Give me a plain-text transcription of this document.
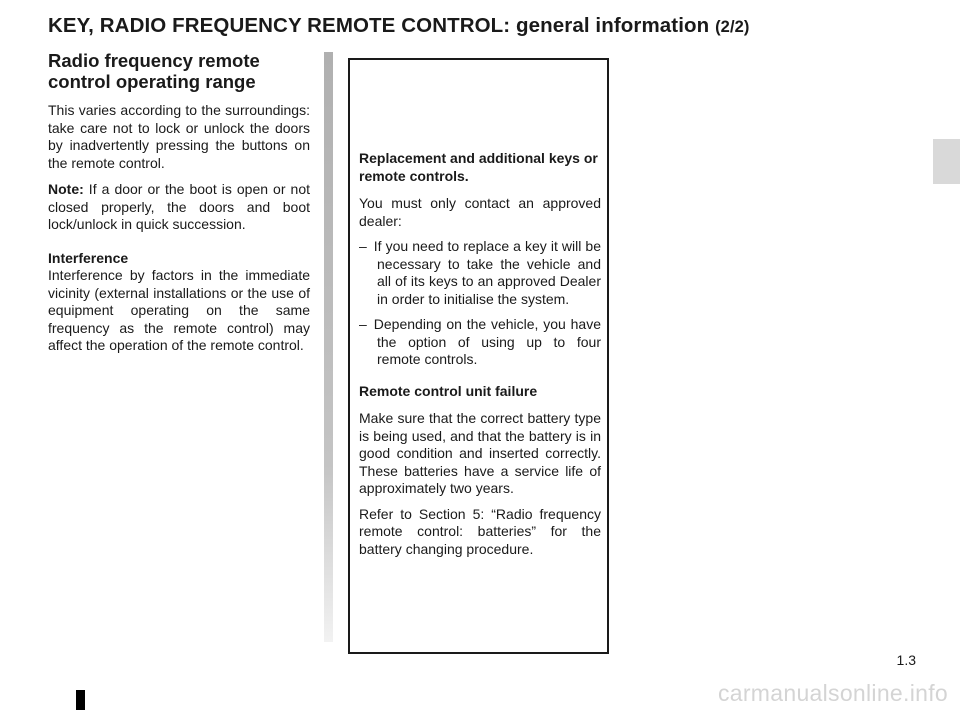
KEY, RADIO FREQUENCY REMOTE CONTROL: general information (2/2)
Radio frequency remote
control operating range

This varies according to the surroundings: take care not to lock or unlock the doors by inadvertently pressing the buttons on the remote control.

Note: If a door or the boot is open or not closed properly, the doors and boot lock/unlock in quick succession.

Interference

Interference by factors in the immediate vicinity (external installations or the use of equipment operating on the same frequency as the remote control) may affect the operation of the remote control.

Replacement and additional keys or remote controls.

You must only contact an approved dealer:

– If you need to replace a key it will be necessary to take the vehicle and all of its keys to an approved Dealer in order to initialise the system.

– Depending on the vehicle, you have the option of using up to four remote controls.

Remote control unit failure

Make sure that the correct battery type is being used, and that the battery is in good condition and inserted correctly. These batteries have a service life of approximately two years.

Refer to Section 5: “Radio frequency remote control: batteries” for the battery changing procedure.

1.3
carmanualsonline.info
